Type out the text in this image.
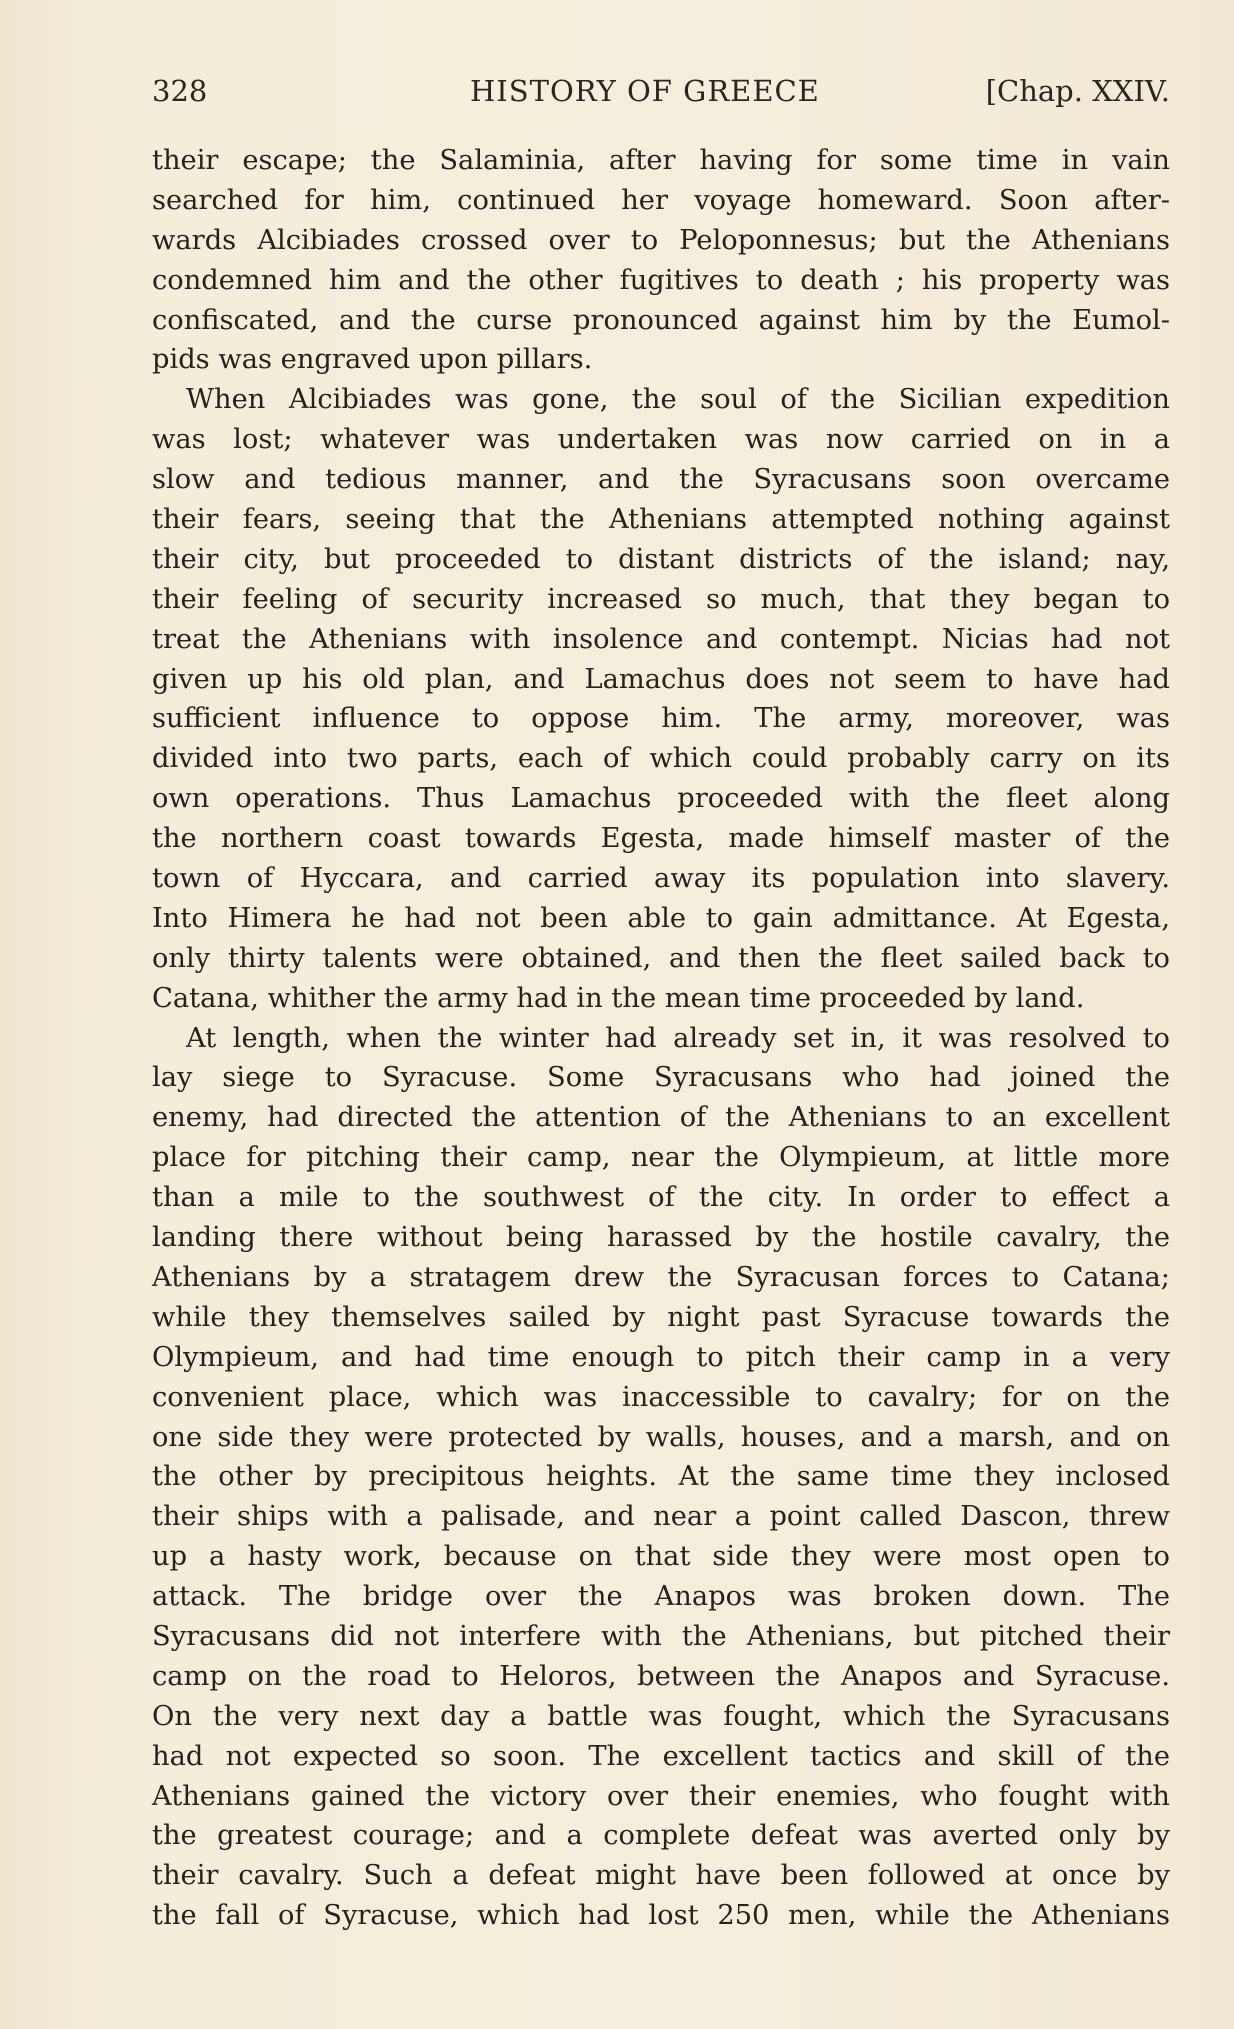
328	HISTORY OF GREECE	[Chap. XXIV.
their escape; the Salaminia, after having for some time in vain
searched for him, continued her voyage homeward. Soon after-
wards Alcibiades crossed over to Peloponnesus; but the Athenians
condemned him and the other fugitives to death ; his property was
confiscated, and the curse pronounced against him by the Eumol-
pids was engraved upon pillars.
When Alcibiades was gone, the soul of the Sicilian expedition
was lost; whatever was undertaken was now carried on in a
slow and tedious manner, and the Syracusans soon overcame
their fears, seeing that the Athenians attempted nothing against
their city, but proceeded to distant districts of the island; nay,
their feeling of security increased so much, that they began to
treat the Athenians with insolence and contempt. Nicias had not
given up his old plan, and Lamachus does not seem to have had
sufficient influence to oppose him. The army, moreover, was
divided into two parts, each of which could probably carry on its
own operations. Thus Lamachus proceeded with the fleet along
the northern coast towards Egesta, made himself master of the
town of Hyccara, and carried away its population into slavery.
Into Himera he had not been able to gain admittance. At Egesta,
only thirty talents were obtained, and then the fleet sailed back to
Catana, whither the army had in the mean time proceeded by land.
At length, when the winter had already set in, it was resolved to
lay siege to Syracuse. Some Syracusans who had joined the
enemy, had directed the attention of the Athenians to an excellent
place for pitching their camp, near the Olympieum, at little more
than a mile to the southwest of the city. In order to effect a
landing there without being harassed by the hostile cavalry, the
Athenians by a stratagem drew the Syracusan forces to Catana;
while they themselves sailed by night past Syracuse towards the
Olympieum, and had time enough to pitch their camp in a very
convenient place, which was inaccessible to cavalry; for on the
one side they were protected by walls, houses, and a marsh, and on
the other by precipitous heights. At the same time they inclosed
their ships with a palisade, and near a point called Dascon, threw
up a hasty work, because on that side they were most open to
attack. The bridge over the Anapos was broken down. The
Syracusans did not interfere with the Athenians, but pitched their
camp on the road to Heloros, between the Anapos and Syracuse.
On the very next day a battle was fought, which the Syracusans
had not expected so soon. The excellent tactics and skill of the
Athenians gained the victory over their enemies, who fought with
the greatest courage; and a complete defeat was averted only by
their cavalry. Such a defeat might have been followed at once by
the fall of Syracuse, which had lost 250 men, while the Athenians
